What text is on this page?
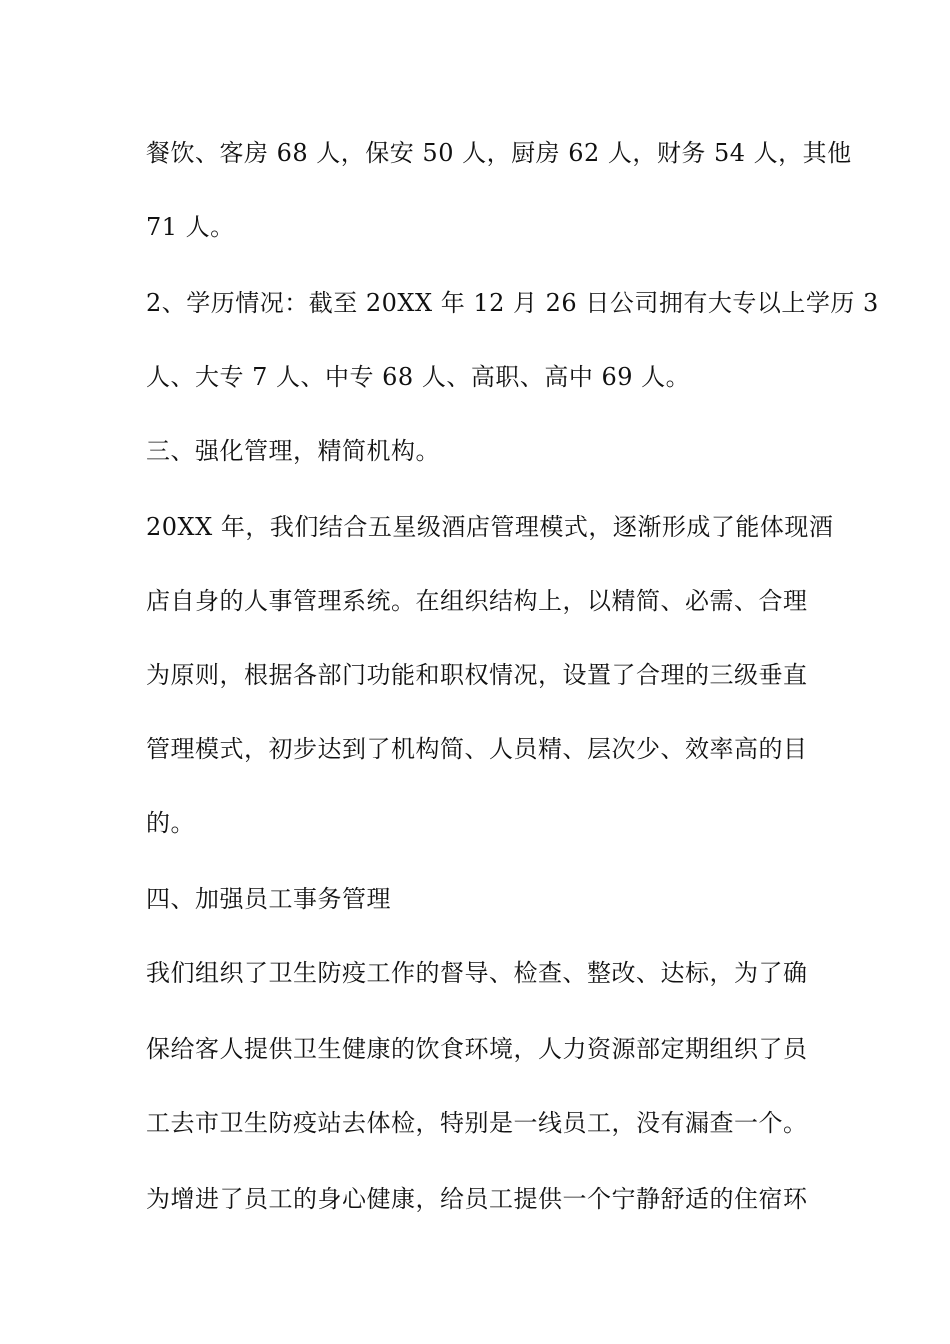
餐饮、客房 68 人，保安 50 人，厨房 62 人，财务 54 人，其他
71 人。
2、学历情况：截至 20XX 年 12 月 26 日公司拥有大专以上学历 3
人、大专 7 人、中专 68 人、高职、高中 69 人。
三、强化管理，精简机构。
20XX 年，我们结合五星级酒店管理模式，逐渐形成了能体现酒
店自身的人事管理系统。在组织结构上，以精简、必需、合理
为原则，根据各部门功能和职权情况，设置了合理的三级垂直
管理模式，初步达到了机构简、人员精、层次少、效率高的目
的。
四、加强员工事务管理
我们组织了卫生防疫工作的督导、检查、整改、达标，为了确
保给客人提供卫生健康的饮食环境，人力资源部定期组织了员
工去市卫生防疫站去体检，特别是一线员工，没有漏查一个。
为增进了员工的身心健康，给员工提供一个宁静舒适的住宿环
